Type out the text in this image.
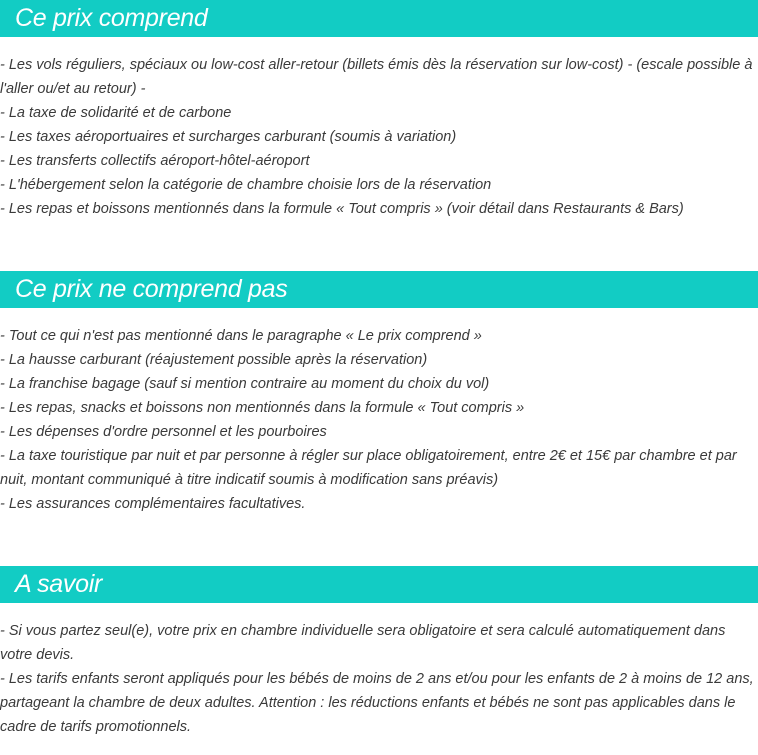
Ce prix comprend

- Les vols réguliers, spéciaux ou low-cost aller-retour (billets émis dès la réservation sur low-cost) - (escale possible à l'aller ou/et au retour) -

- La taxe de solidarité et de carbone

- Les taxes aéroportuaires et surcharges carburant (soumis à variation)

- Les transferts collectifs aéroport-hôtel-aéroport

- L'hébergement selon la catégorie de chambre choisie lors de la réservation

- Les repas et boissons mentionnés dans la formule « Tout compris » (voir détail dans Restaurants & Bars)

Ce prix ne comprend pas

- Tout ce qui n'est pas mentionné dans le paragraphe « Le prix comprend »

- La hausse carburant (réajustement possible après la réservation)

- La franchise bagage (sauf si mention contraire au moment du choix du vol)

- Les repas, snacks et boissons non mentionnés dans la formule « Tout compris »

- Les dépenses d'ordre personnel et les pourboires

- La taxe touristique par nuit et par personne à régler sur place obligatoirement, entre 2€ et 15€ par chambre et par nuit, montant communiqué à titre indicatif soumis à modification sans préavis)

- Les assurances complémentaires facultatives.

A savoir

- Si vous partez seul(e), votre prix en chambre individuelle sera obligatoire et sera calculé automatiquement dans votre devis.

- Les tarifs enfants seront appliqués pour les bébés de moins de 2 ans et/ou pour les enfants de 2 à moins de 12 ans, partageant la chambre de deux adultes. Attention : les réductions enfants et bébés ne sont pas applicables dans le cadre de tarifs promotionnels.
